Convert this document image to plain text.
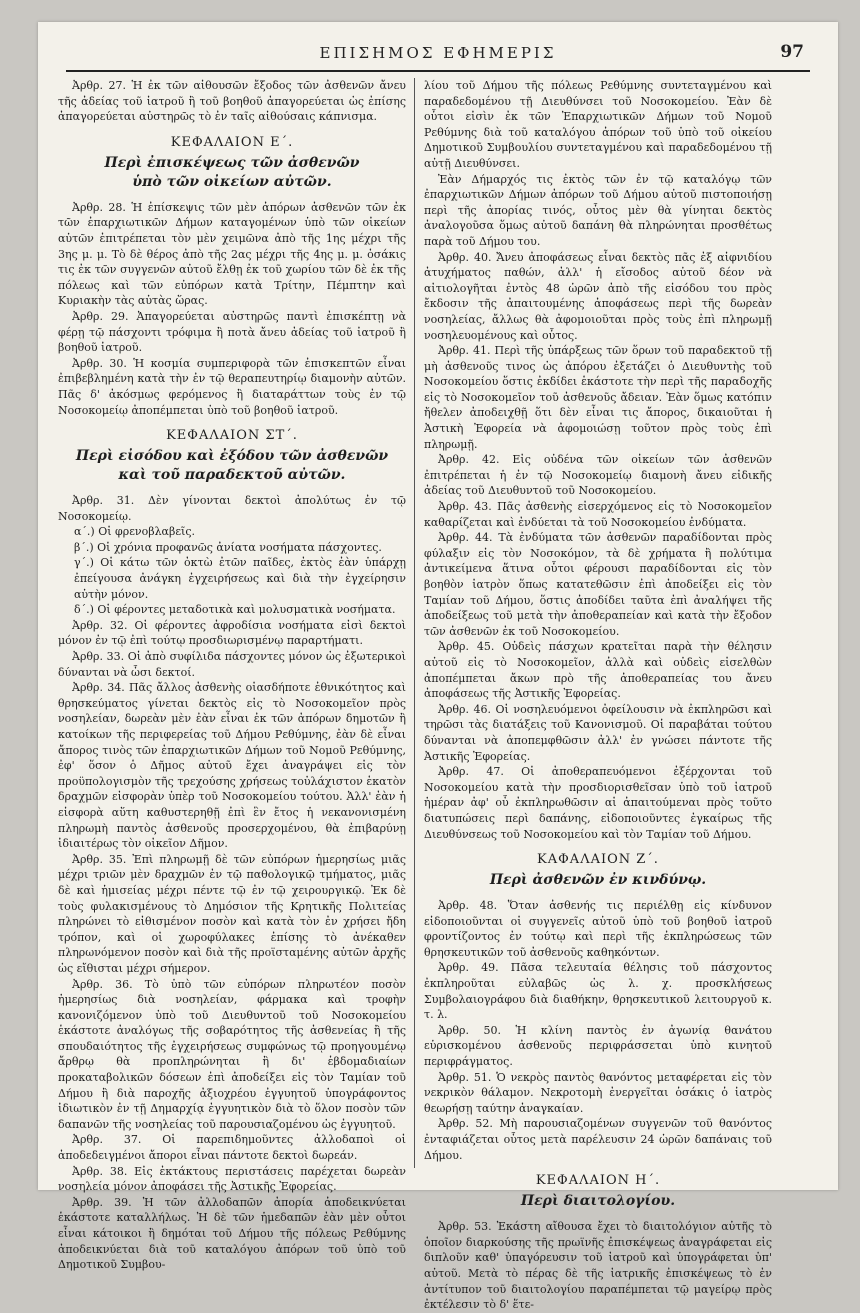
ΕΠΙΣΗΜΟΣ ΕΦΗΜΕΡΙΣ	97

Ἀρθρ. 27. Ἡ ἐκ τῶν αἰθουσῶν ἔξοδος τῶν ἀσθενῶν ἄνευ τῆς ἀδείας τοῦ ἰατροῦ ἢ τοῦ βοηθοῦ ἀπαγορεύεται ὡς ἐπίσης ἀπαγορεύεται αὐστηρῶς τὸ ἐν ταῖς αἰθούσαις κάπνισμα.

ΚΕΦΑΛΑΙΟΝ Ε΄.
Περὶ ἐπισκέψεως τῶν ἀσθενῶν
ὑπὸ τῶν οἰκείων αὐτῶν.

Ἀρθρ. 28. Ἡ ἐπίσκεψις τῶν μὲν ἀπόρων ἀσθενῶν τῶν ἐκ τῶν ἐπαρχιωτικῶν Δήμων καταγομένων ὑπὸ τῶν οἰκείων αὐτῶν ἐπιτρέπεται τὸν μὲν χειμῶνα ἀπὸ τῆς 1ης μέχρι τῆς 3ης μ. μ. Τὸ δὲ θέρος ἀπὸ τῆς 2ας μέχρι τῆς 4ης μ. μ. ὁσάκις τις ἐκ τῶν συγγενῶν αὐτοῦ ἔλθῃ ἐκ τοῦ χωρίου τῶν δὲ ἐκ τῆς πόλεως καὶ τῶν εὐπόρων κατὰ Τρίτην, Πέμπτην καὶ Κυριακὴν τὰς αὐτὰς ὥρας.

Ἀρθρ. 29. Ἀπαγορεύεται αὐστηρῶς παντὶ ἐπισκέπτῃ νὰ φέρῃ τῷ πάσχοντι τρόφιμα ἢ ποτὰ ἄνευ ἀδείας τοῦ ἰατροῦ ἢ βοηθοῦ ἰατροῦ.

Ἀρθρ. 30. Ἡ κοσμία συμπεριφορὰ τῶν ἐπισκεπτῶν εἶναι ἐπιβεβλημένη κατὰ τὴν ἐν τῷ θεραπευτηρίῳ διαμονὴν αὐτῶν. Πᾶς δ' ἀκόσμως φερόμενος ἢ διαταράττων τοὺς ἐν τῷ Νοσοκομείῳ ἀποπέμπεται ὑπὸ τοῦ βοηθοῦ ἰατροῦ.

ΚΕΦΑΛΑΙΟΝ ΣΤ΄.
Περὶ εἰσόδου καὶ ἐξόδου τῶν ἀσθενῶν
καὶ τοῦ παραδεκτοῦ αὐτῶν.

Ἀρθρ. 31. Δὲν γίνονται δεκτοὶ ἀπολύτως ἐν τῷ Νοσοκομείῳ.

α΄.) Οἱ φρενοβλαβεῖς.

β΄.) Οἱ χρόνια προφανῶς ἀνίατα νοσήματα πάσχοντες.

γ΄.) Οἱ κάτω τῶν ὀκτὼ ἐτῶν παῖδες, ἐκτὸς ἐὰν ὑπάρχῃ ἐπείγουσα ἀνάγκη ἐγχειρήσεως καὶ διὰ τὴν ἐγχείρησιν αὐτὴν μόνον.

δ΄.) Οἱ φέροντες μεταδοτικὰ καὶ μολυσματικὰ νοσήματα.

Ἀρθρ. 32. Οἱ φέροντες ἀφροδίσια νοσήματα εἰσὶ δεκτοὶ μόνον ἐν τῷ ἐπὶ τούτῳ προσδιωρισμένῳ παραρτήματι.

Ἀρθρ. 33. Οἱ ἀπὸ συφίλιδα πάσχοντες μόνον ὡς ἐξωτερικοὶ δύνανται νὰ ὦσι δεκτοί.

Ἀρθρ. 34. Πᾶς ἄλλος ἀσθενὴς οἱασδήποτε ἐθνικότητος καὶ θρησκεύματος γίνεται δεκτὸς εἰς τὸ Νοσοκομεῖον πρὸς νοσηλείαν, δωρεὰν μὲν ἐὰν εἶναι ἐκ τῶν ἀπόρων δημοτῶν ἢ κατοίκων τῆς περιφερείας τοῦ Δήμου Ρεθύμνης, ἐὰν δὲ εἶναι ἄπορος τινὸς τῶν ἐπαρχιωτικῶν Δήμων τοῦ Νομοῦ Ρεθύμνης, ἐφ' ὅσον ὁ Δῆμος αὐτοῦ ἔχει ἀναγράψει εἰς τὸν προϋπολογισμὸν τῆς τρεχούσης χρήσεως τοὐλάχιστον ἑκατὸν δραχμῶν εἰσφορὰν ὑπὲρ τοῦ Νοσοκομείου τούτου. Ἀλλ' ἐὰν ἡ εἰσφορὰ αὕτη καθυστερηθῇ ἐπὶ ἓν ἔτος ἡ νεκανονισμένη πληρωμὴ παντὸς ἀσθενοῦς προσερχομένου, θὰ ἐπιβαρύνῃ ἰδιαιτέρως τὸν οἰκεῖον Δῆμον.

Ἀρθρ. 35. Ἐπὶ πληρωμῇ δὲ τῶν εὐπόρων ἡμερησίως μιᾶς μέχρι τριῶν μὲν δραχμῶν ἐν τῷ παθολογικῷ τμήματος, μιᾶς δὲ καὶ ἡμισείας μέχρι πέντε τῷ ἐν τῷ χειρουργικῷ. Ἐκ δὲ τοὺς φυλακισμένους τὸ Δημόσιον τῆς Κρητικῆς Πολιτείας πληρώνει τὸ εἰθισμένον ποσὸν καὶ κατὰ τὸν ἐν χρήσει ἤδη τρόπον, καὶ οἱ χωροφύλακες ἐπίσης τὸ ἀνέκαθεν πληρωνόμενον ποσὸν καὶ διὰ τῆς προϊσταμένης αὐτῶν ἀρχῆς ὡς εἴθισται μέχρι σήμερον.

Ἀρθρ. 36. Τὸ ὑπὸ τῶν εὐπόρων πληρωτέον ποσὸν ἡμερησίως διὰ νοσηλείαν, φάρμακα καὶ τροφὴν κανονιζόμενον ὑπὸ τοῦ Διευθυντοῦ τοῦ Νοσοκομείου ἑκάστοτε ἀναλόγως τῆς σοβαρότητος τῆς ἀσθενείας ἢ τῆς σπουδαιότητος τῆς ἐγχειρήσεως συμφώνως τῷ προηγουμένῳ ἄρθρῳ θὰ προπληρώνηται ἢ δι' ἑβδομαδιαίων προκαταβολικῶν δόσεων ἐπὶ ἀποδείξει εἰς τὸν Ταμίαν τοῦ Δήμου ἢ διὰ παροχῆς ἀξιοχρέου ἐγγυητοῦ ὑπογράφοντος ἰδιωτικὸν ἐν τῇ Δημαρχίᾳ ἐγγυητικὸν διὰ τὸ ὅλον ποσὸν τῶν δαπανῶν τῆς νοσηλείας τοῦ παρουσιαζομένου ὡς ἐγγυητοῦ.

Ἀρθρ. 37. Οἱ παρεπιδημοῦντες ἀλλοδαποὶ οἱ ἀποδεδειγμένοι ἄποροι εἶναι πάντοτε δεκτοὶ δωρεάν.

Ἀρθρ. 38. Εἰς ἐκτάκτους περιστάσεις παρέχεται δωρεὰν νοσηλεία μόνον ἀποφάσει τῆς Ἀστικῆς Ἐφορείας.

Ἀρθρ. 39. Ἡ τῶν ἀλλοδαπῶν ἀπορία ἀποδεικνύεται ἑκάστοτε καταλλήλως. Ἡ δὲ τῶν ἡμεδαπῶν ἐὰν μὲν οὗτοι εἶναι κάτοικοι ἢ δημόται τοῦ Δήμου τῆς πόλεως Ρεθύμνης ἀποδεικνύεται διὰ τοῦ καταλόγου ἀπόρων τοῦ ὑπὸ τοῦ Δημοτικοῦ Συμβου-

λίου τοῦ Δήμου τῆς πόλεως Ρεθύμνης συντεταγμένου καὶ παραδεδομένου τῇ Διευθύνσει τοῦ Νοσοκομείου. Ἐὰν δὲ οὗτοι εἰσὶν ἐκ τῶν Ἐπαρχιωτικῶν Δήμων τοῦ Νομοῦ Ρεθύμνης διὰ τοῦ καταλόγου ἀπόρων τοῦ ὑπὸ τοῦ οἰκείου Δημοτικοῦ Συμβουλίου συντεταγμένου καὶ παραδεδομένου τῇ αὐτῇ Διευθύνσει.

Ἐὰν Δήμαρχός τις ἐκτὸς τῶν ἐν τῷ καταλόγῳ τῶν ἐπαρχιωτικῶν Δήμων ἀπόρων τοῦ Δήμου αὐτοῦ πιστοποιήσῃ περὶ τῆς ἀπορίας τινός, οὗτος μὲν θὰ γίνηται δεκτὸς ἀναλογοῦσα ὅμως αὐτοῦ δαπάνη θὰ πληρώνηται προσθέτως παρὰ τοῦ Δήμου του.

Ἀρθρ. 40. Ἄνευ ἀποφάσεως εἶναι δεκτὸς πᾶς ἐξ αἰφνιδίου ἀτυχήματος παθών, ἀλλ' ἡ εἴσοδος αὐτοῦ δέον νὰ αἰτιολογῆται ἐντὸς 48 ὡρῶν ἀπὸ τῆς εἰσόδου του πρὸς ἔκδοσιν τῆς ἀπαιτουμένης ἀποφάσεως περὶ τῆς δωρεὰν νοσηλείας, ἄλλως θὰ ἀφομοιοῦται πρὸς τοὺς ἐπὶ πληρωμῇ νοσηλευομένους καὶ οὗτος.

Ἀρθρ. 41. Περὶ τῆς ὑπάρξεως τῶν ὅρων τοῦ παραδεκτοῦ τῇ μὴ ἀσθενοῦς τινος ὡς ἀπόρου ἐξετάζει ὁ Διευθυντὴς τοῦ Νοσοκομείου ὅστις ἐκδίδει ἑκάστοτε τὴν περὶ τῆς παραδοχῆς εἰς τὸ Νοσοκομεῖον τοῦ ἀσθενοῦς ἄδειαν. Ἐὰν ὅμως κατόπιν ἤθελεν ἀποδειχθῇ ὅτι δὲν εἶναι τις ἄπορος, δικαιοῦται ἡ Ἀστικὴ Ἐφορεία νὰ ἀφομοιώσῃ τοῦτον πρὸς τοὺς ἐπὶ πληρωμῇ.

Ἀρθρ. 42. Εἰς οὐδένα τῶν οἰκείων τῶν ἀσθενῶν ἐπιτρέπεται ἡ ἐν τῷ Νοσοκομείῳ διαμονὴ ἄνευ εἰδικῆς ἀδείας τοῦ Διευθυντοῦ τοῦ Νοσοκομείου.

Ἀρθρ. 43. Πᾶς ἀσθενὴς εἰσερχόμενος εἰς τὸ Νοσοκομεῖον καθαρίζεται καὶ ἐνδύεται τὰ τοῦ Νοσοκομείου ἐνδύματα.

Ἀρθρ. 44. Τὰ ἐνδύματα τῶν ἀσθενῶν παραδίδονται πρὸς φύλαξιν εἰς τὸν Νοσοκόμον, τὰ δὲ χρήματα ἢ πολύτιμα ἀντικείμενα ἅτινα οὗτοι φέρουσι παραδίδονται εἰς τὸν βοηθὸν ἰατρὸν ὅπως κατατεθῶσιν ἐπὶ ἀποδείξει εἰς τὸν Ταμίαν τοῦ Δήμου, ὅστις ἀποδίδει ταῦτα ἐπὶ ἀναλήψει τῆς ἀποδείξεως τοῦ μετὰ τὴν ἀποθεραπείαν καὶ κατὰ τὴν ἔξοδον τῶν ἀσθενῶν ἐκ τοῦ Νοσοκομείου.

Ἀρθρ. 45. Οὐδεὶς πάσχων κρατεῖται παρὰ τὴν θέλησιν αὐτοῦ εἰς τὸ Νοσοκομεῖον, ἀλλὰ καὶ οὐδεὶς εἰσελθὼν ἀποπέμπεται ἄκων πρὸ τῆς ἀποθεραπείας του ἄνευ ἀποφάσεως τῆς Ἀστικῆς Ἐφορείας.

Ἀρθρ. 46. Οἱ νοσηλευόμενοι ὀφείλουσιν νὰ ἐκπληρῶσι καὶ τηρῶσι τὰς διατάξεις τοῦ Κανονισμοῦ. Οἱ παραβάται τούτου δύνανται νὰ ἀποπεμφθῶσιν ἀλλ' ἐν γνώσει πάντοτε τῆς Ἀστικῆς Ἐφορείας.

Ἀρθρ. 47. Οἱ ἀποθεραπευόμενοι ἐξέρχονται τοῦ Νοσοκομείου κατὰ τὴν προσδιορισθεῖσαν ὑπὸ τοῦ ἰατροῦ ἡμέραν ἀφ' οὗ ἐκπληρωθῶσιν αἱ ἀπαιτούμεναι πρὸς τοῦτο διατυπώσεις περὶ δαπάνης, εἰδοποιοῦντες ἐγκαίρως τῆς Διευθύνσεως τοῦ Νοσοκομείου καὶ τὸν Ταμίαν τοῦ Δήμου.

ΚΑΦΑΛΑΙΟΝ Ζ΄.
Περὶ ἀσθενῶν ἐν κινδύνῳ.

Ἀρθρ. 48. Ὅταν ἀσθενής τις περιέλθῃ εἰς κίνδυνον εἰδοποιοῦνται οἱ συγγενεῖς αὐτοῦ ὑπὸ τοῦ βοηθοῦ ἰατροῦ φροντίζοντος ἐν τούτῳ καὶ περὶ τῆς ἐκπληρώσεως τῶν θρησκευτικῶν τοῦ ἀσθενοῦς καθηκόντων.

Ἀρθρ. 49. Πᾶσα τελευταία θέλησις τοῦ πάσχοντος ἐκπληροῦται εὐλαβῶς ὡς λ. χ. προσκλήσεως Συμβολαιογράφου διὰ διαθήκην, θρησκευτικοῦ λειτουργοῦ κ. τ. λ.

Ἀρθρ. 50. Ἡ κλίνη παντὸς ἐν ἀγωνίᾳ θανάτου εὑρισκομένου ἀσθενοῦς περιφράσσεται ὑπὸ κινητοῦ περιφράγματος.

Ἀρθρ. 51. Ὁ νεκρὸς παντὸς θανόντος μεταφέρεται εἰς τὸν νεκρικὸν θάλαμον. Νεκροτομὴ ἐνεργεῖται ὁσάκις ὁ ἰατρὸς θεωρήσῃ ταύτην ἀναγκαίαν.

Ἀρθρ. 52. Μὴ παρουσιαζομένων συγγενῶν τοῦ θανόντος ἐνταφιάζεται οὗτος μετὰ παρέλευσιν 24 ὡρῶν δαπάναις τοῦ Δήμου.

ΚΕΦΑΛΑΙΟΝ Η΄.
Περὶ διαιτολογίου.

Ἀρθρ. 53. Ἑκάστη αἴθουσα ἔχει τὸ διαιτολόγιον αὐτῆς τὸ ὁποῖον διαρκούσης τῆς πρωϊνῆς ἐπισκέψεως ἀναγράφεται εἰς διπλοῦν καθ' ὑπαγόρευσιν τοῦ ἰατροῦ καὶ ὑπογράφεται ὑπ' αὐτοῦ. Μετὰ τὸ πέρας δὲ τῆς ἰατρικῆς ἐπισκέψεως τὸ ἐν ἀντίτυπον τοῦ διαιτολογίου παραπέμπεται τῷ μαγείρῳ πρὸς ἐκτέλεσιν τὸ δ' ἕτε-
